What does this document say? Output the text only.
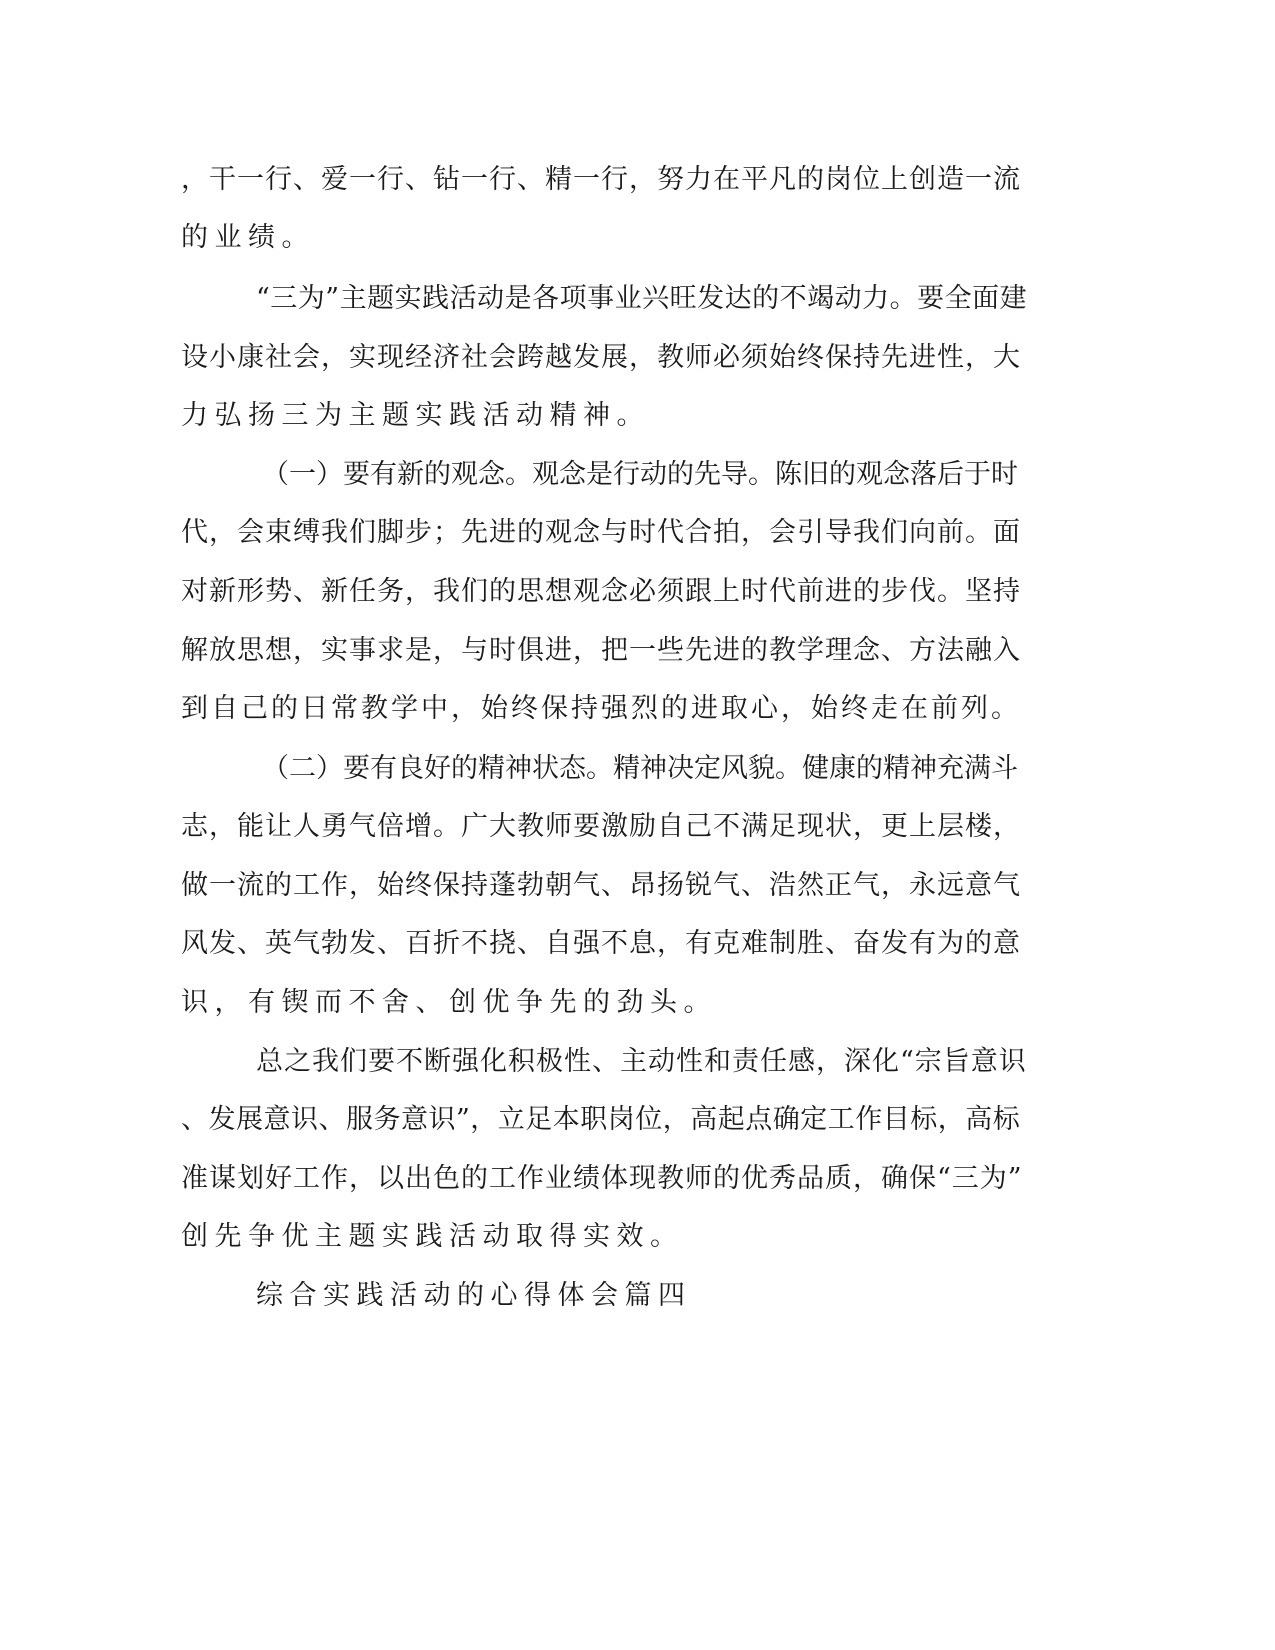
，干一行、爱一行、钻一行、精一行，努力在平凡的岗位上创造一流
的业绩。
“三为”主题实践活动是各项事业兴旺发达的不竭动力。要全面建
设小康社会，实现经济社会跨越发展，教师必须始终保持先进性，大
力弘扬三为主题实践活动精神。
（一）要有新的观念。观念是行动的先导。陈旧的观念落后于时
代，会束缚我们脚步；先进的观念与时代合拍，会引导我们向前。面
对新形势、新任务，我们的思想观念必须跟上时代前进的步伐。坚持
解放思想，实事求是，与时俱进，把一些先进的教学理念、方法融入
到自己的日常教学中，始终保持强烈的进取心，始终走在前列。
（二）要有良好的精神状态。精神决定风貌。健康的精神充满斗
志，能让人勇气倍增。广大教师要激励自己不满足现状，更上层楼，
做一流的工作，始终保持蓬勃朝气、昂扬锐气、浩然正气，永远意气
风发、英气勃发、百折不挠、自强不息，有克难制胜、奋发有为的意
识，有锲而不舍、创优争先的劲头。
总之我们要不断强化积极性、主动性和责任感，深化“宗旨意识
、发展意识、服务意识”，立足本职岗位，高起点确定工作目标，高标
准谋划好工作，以出色的工作业绩体现教师的优秀品质，确保“三为”
创先争优主题实践活动取得实效。
综合实践活动的心得体会篇四
